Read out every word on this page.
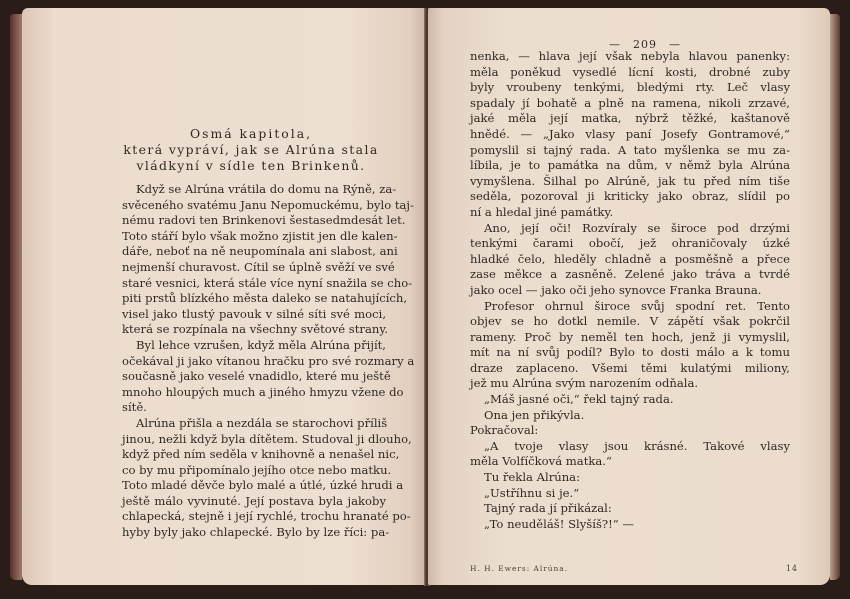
Osmá kapitola,
která vypráví, jak se Alrúna stala
vládkyní v sídle ten Brinkenů.
Když se Alrúna vrátila do domu na Rýně, za-
svěceného svatému Janu Nepomuckému, bylo taj-
nému radovi ten Brinkenovi šestasedmdesát let.
Toto stáří bylo však možno zjistit jen dle kalen-
dáře, neboť na ně neupomínala ani slabost, ani
nejmenší churavost. Cítil se úplně svěží ve své
staré vesnici, která stále více nyní snažila se cho-
piti prstů blízkého města daleko se natahujících,
visel jako tlustý pavouk v silné síti své moci,
která se rozpínala na všechny světové strany.
Byl lehce vzrušen, když měla Alrúna přijít,
očekával ji jako vítanou hračku pro své rozmary a
současně jako veselé vnadidlo, které mu ještě
mnoho hloupých much a jiného hmyzu vžene do
sítě.
Alrúna přišla a nezdála se starochovi příliš
jinou, nežli když byla dítětem. Studoval ji dlouho,
když před ním seděla v knihovně a nenašel nic,
co by mu připomínalo jejího otce nebo matku.
Toto mladé děvče bylo malé a útlé, úzké hrudi a
ještě málo vyvinuté. Její postava byla jakoby
chlapecká, stejně i její rychlé, trochu hranaté po-
hyby byly jako chlapecké. Bylo by lze říci: pa-
— 209 —
nenka, — hlava její však nebyla hlavou panenky:
měla poněkud vysedlé lícní kosti, drobné zuby
byly vroubeny tenkými, bledými rty. Leč vlasy
spadaly jí bohatě a plně na ramena, nikoli zrzavé,
jaké měla její matka, nýbrž těžké, kaštanově
hnědé. — „Jako vlasy paní Josefy Gontramové,“
pomyslil si tajný rada. A tato myšlenka se mu za-
líbila, je to památka na dům, v němž byla Alrúna
vymyšlena. Šilhal po Alrúně, jak tu před ním tiše
seděla, pozoroval ji kriticky jako obraz, slídil po
ní a hledal jiné památky.
Ano, její oči! Rozvíraly se široce pod drzými
tenkými čarami obočí, jež ohraničovaly úzké
hladké čelo, hleděly chladně a posměšně a přece
zase měkce a zasněně. Zelené jako tráva a tvrdé
jako ocel — jako oči jeho synovce Franka Brauna.
Profesor ohrnul široce svůj spodní ret. Tento
objev se ho dotkl nemile. V zápětí však pokrčil
rameny. Proč by neměl ten hoch, jenž ji vymyslil,
mít na ní svůj podíl? Bylo to dosti málo a k tomu
draze zaplaceno. Všemi těmi kulatými miliony,
jež mu Alrúna svým narozením odňala.
„Máš jasné oči,“ řekl tajný rada.
Ona jen přikývla.
Pokračoval:
„A tvoje vlasy jsou krásné. Takové vlasy
měla Volfíčková matka.“
Tu řekla Alrúna:
„Ustříhnu si je.“
Tajný rada jí přikázal:
„To neuděláš! Slyšíš?!“ —
H. H. Ewers: Alrúna.	14
